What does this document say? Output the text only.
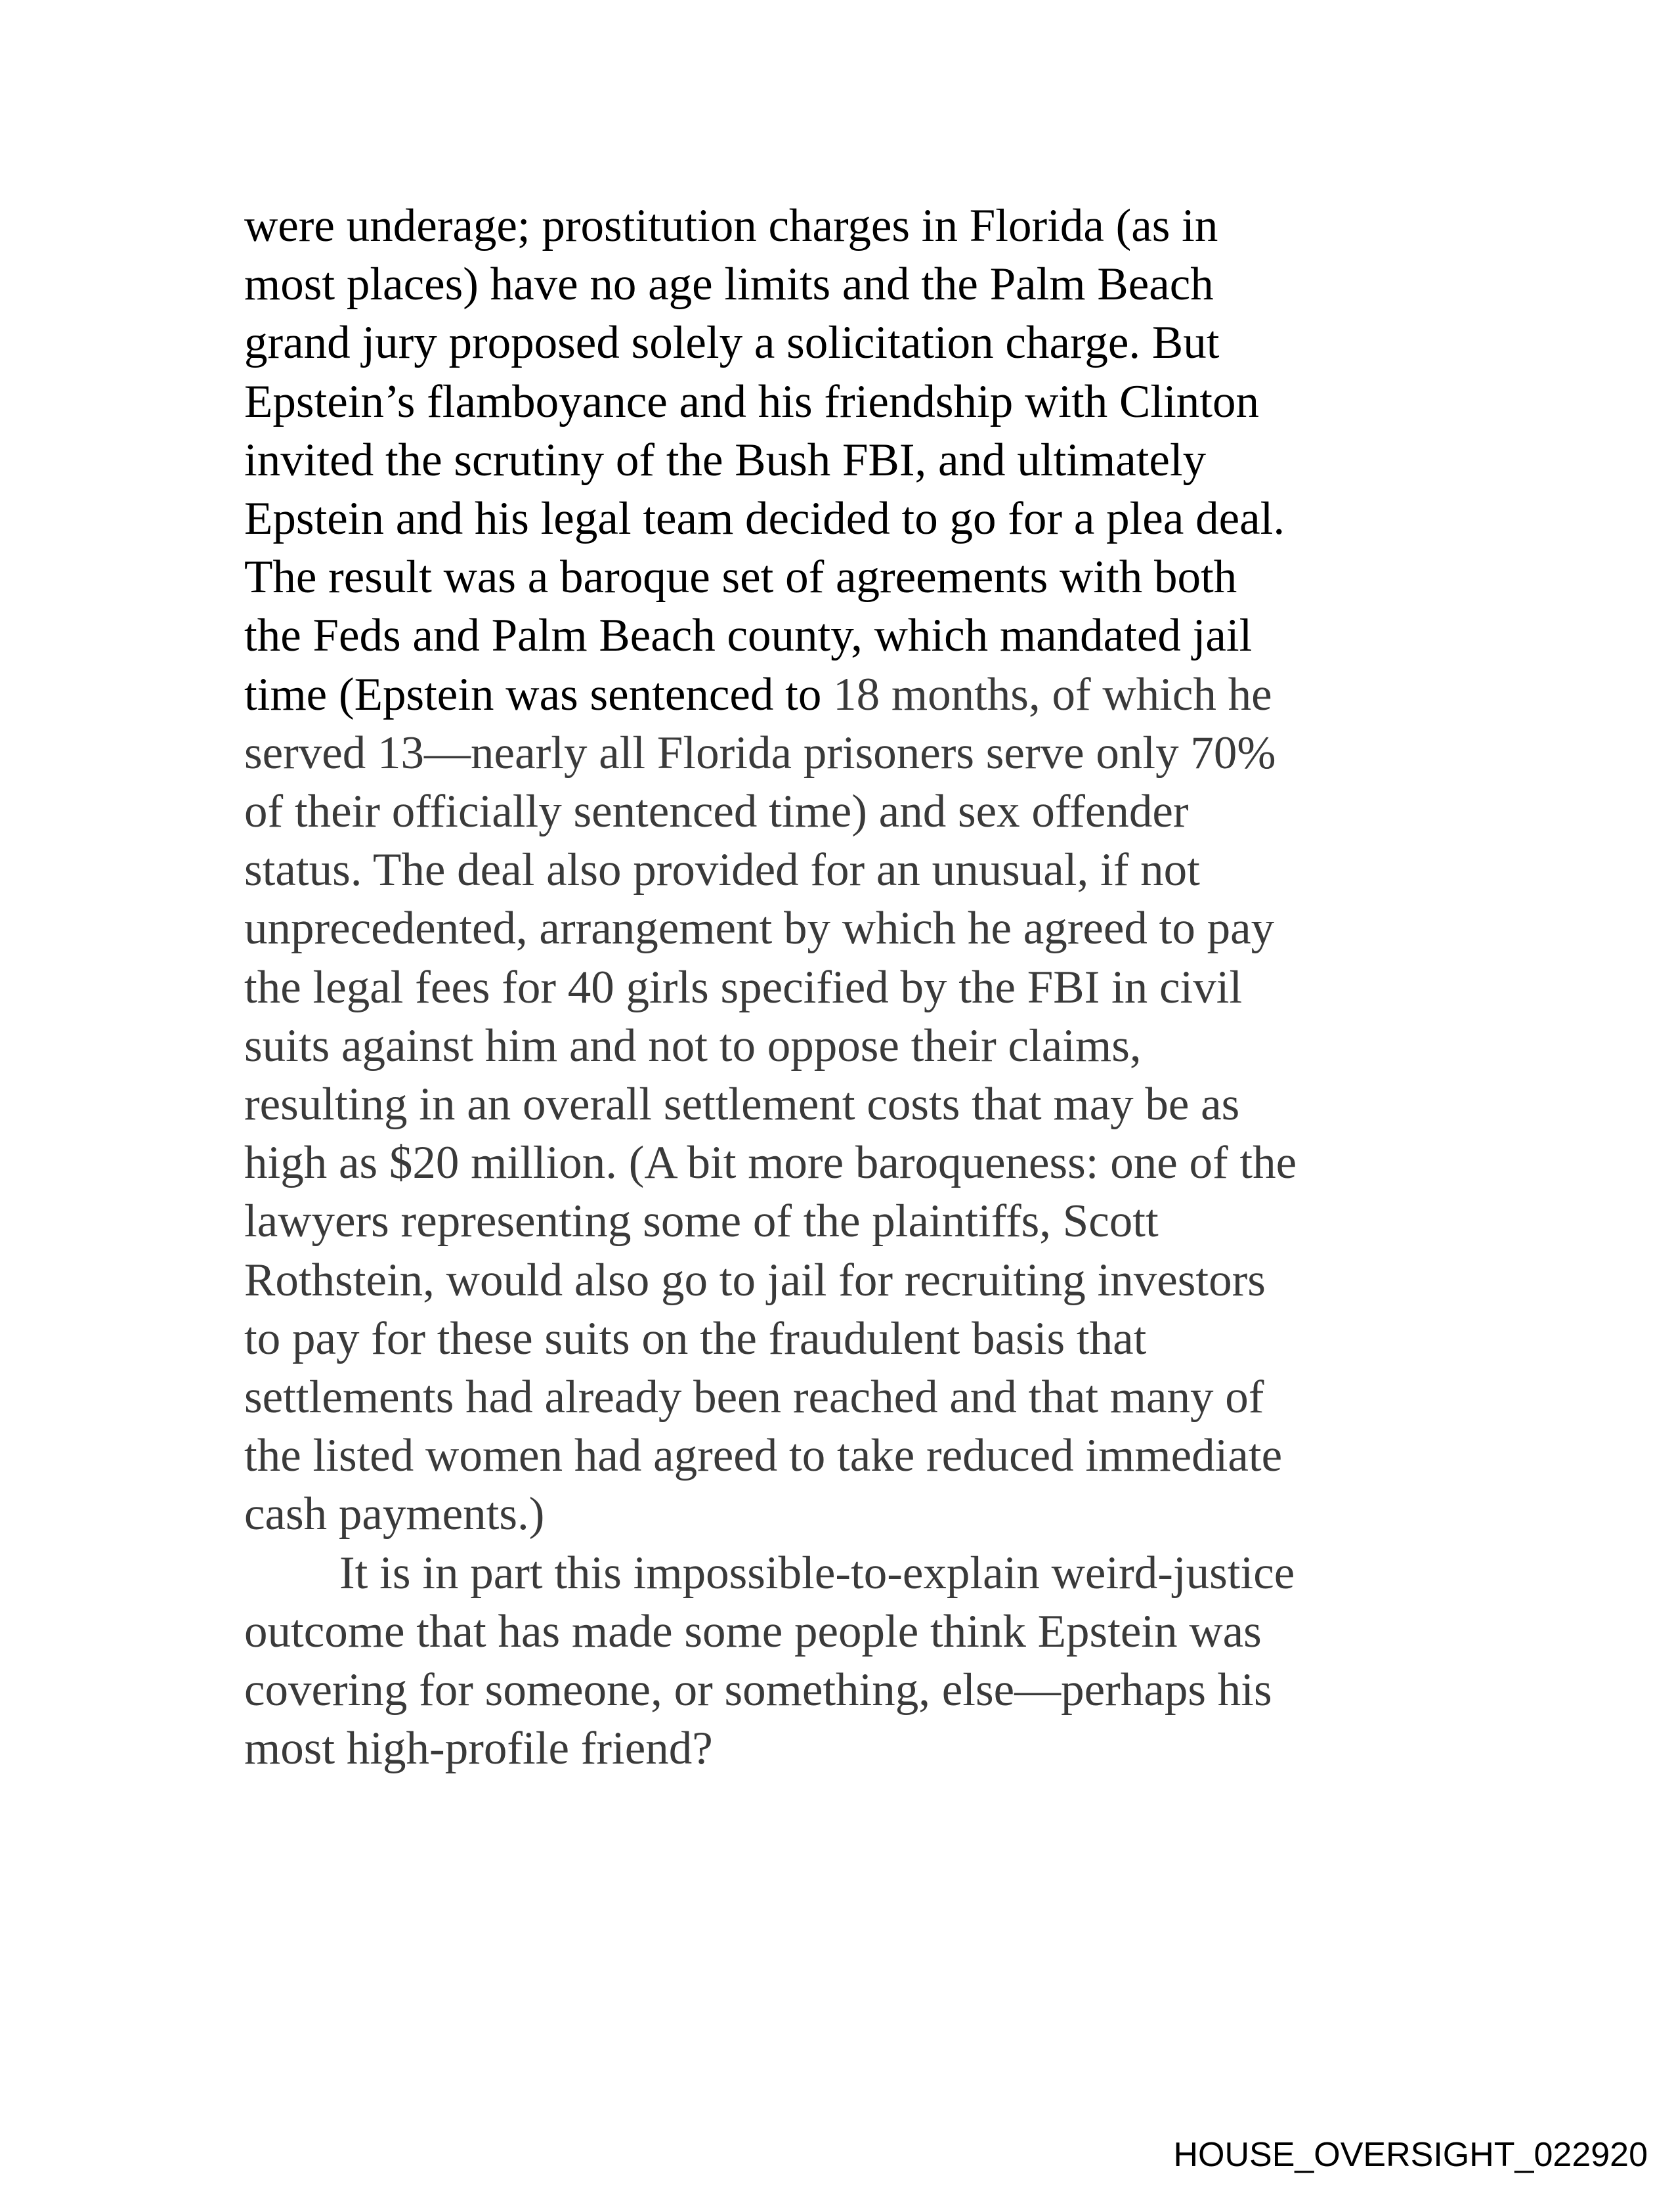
were underage; prostitution charges in Florida (as in
most places) have no age limits and the Palm Beach
grand jury proposed solely a solicitation charge. But
Epstein’s flamboyance and his friendship with Clinton
invited the scrutiny of the Bush FBI, and ultimately
Epstein and his legal team decided to go for a plea deal.
The result was a baroque set of agreements with both
the Feds and Palm Beach county, which mandated jail
time (Epstein was sentenced to 18 months, of which he
served 13—nearly all Florida prisoners serve only 70%
of their officially sentenced time) and sex offender
status. The deal also provided for an unusual, if not
unprecedented, arrangement by which he agreed to pay
the legal fees for 40 girls specified by the FBI in civil
suits against him and not to oppose their claims,
resulting in an overall settlement costs that may be as
high as $20 million. (A bit more baroqueness: one of the
lawyers representing some of the plaintiffs, Scott
Rothstein, would also go to jail for recruiting investors
to pay for these suits on the fraudulent basis that
settlements had already been reached and that many of
the listed women had agreed to take reduced immediate
cash payments.)
It is in part this impossible-to-explain weird-justice
outcome that has made some people think Epstein was
covering for someone, or something, else—perhaps his
most high-profile friend?
HOUSE_OVERSIGHT_022920
